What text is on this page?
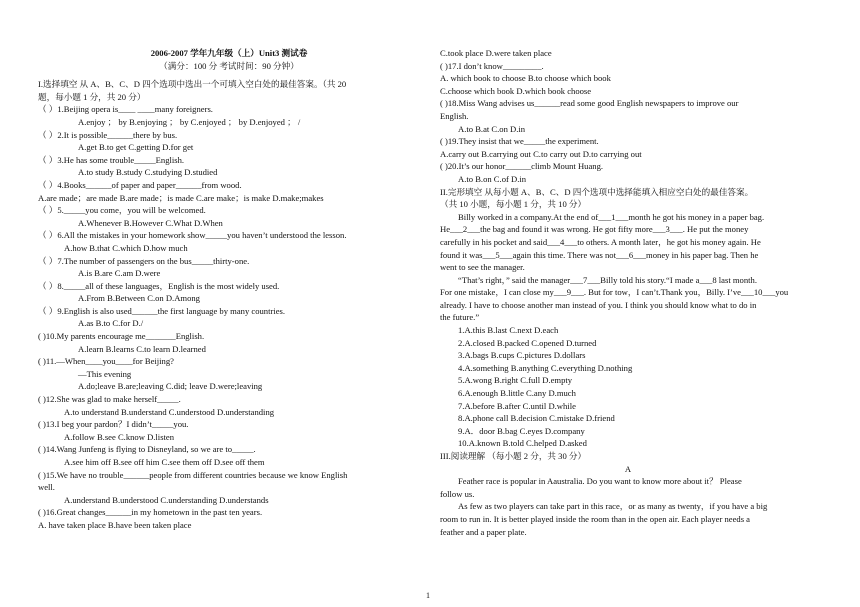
2006-2007 学年九年级（上）Unit3 测试卷
（满分：100 分 考试时间：90 分钟）
I.选择填空 从 A、B、C、D 四个选项中选出一个可填入空白处的最佳答案。（共 20
题，每小题 1 分，共 20 分）
（ ）1.Beijing opera is____ ____many foreigners.
A.enjoy ； by B.enjoying ； by C.enjoyed ； by D.enjoyed ； /
（ ）2.It is possible______there by bus.
A.get B.to get C.getting D.for get
（ ）3.He has some trouble_____English.
A.to study B.study C.studying D.studied
（ ）4.Books______of paper and paper______from wood.
A.are made；are made B.are made；is made C.are make；is make D.make;makes
（ ）5._____you come，you will be welcomed.
A.Whenever B.However C.What D.When
（ ）6.All the mistakes in your homework show_____you haven’t understood the lesson.
A.how B.that C.which D.how much
（ ）7.The number of passengers on the bus_____thirty-one.
A.is B.are C.am D.were
（ ）8._____all of these languages，English is the most widely used.
A.From B.Between C.on D.Among
（ ）9.English is also used______the first language by many countries.
A.as B.to C.for D./
( )10.My parents encourage me_______English.
A.learn B.learns C.to learn D.learned
( )11.—When____you____for Beijing?
—This evening
A.do;leave B.are;leaving C.did; leave D.were;leaving
( )12.She was glad to make herself_____.
A.to understand B.understand C.understood D.understanding
( )13.I beg your pardon？I didn’t_____you.
A.follow B.see C.know D.listen
( )14.Wang Junfeng is flying to Disneyland, so we are to_____.
A.see him off B.see off him C.see them off D.see off them
( )15.We have no trouble______people from different countries because we know English
well.
A.understand B.understood C.understanding D.understands
( )16.Great changes______in my hometown in the past ten years.
A. have taken place B.have been taken place
C.took place D.were taken place
( )17.I don’t know_________.
A. which book to choose B.to choose which book
C.choose which book D.which book choose
( )18.Miss Wang advises us______read some good English newspapers to improve our
English.
A.to B.at C.on D.in
( )19.They insist that we_____the experiment.
A.carry out B.carrying out C.to carry out D.to carrying out
( )20.It’s our honor______climb Mount Huang.
A.to B.on C.of D.in
II.完形填空 从每小题 A、B、C、D 四个选项中选择能填入相应空白处的最佳答案。
（共 10 小题，每小题 1 分，共 10 分）
Billy worked in a company.At the end of___1___month he got his money in a paper bag.
He___2___the bag and found it was wrong. He got fifty more___3___. He put the money
carefully in his pocket and said___4___to others. A month later，he got his money again. He
found it was___5___again this time. There was not___6___money in his paper bag. Then he
went to see the manager.
“That’s right，” said the manager___7___Billy told his story.“I made a___8 last month.
For one mistake，I can close my___9___. But for tow，I can’t.Thank you，Billy. I’ve___10___you
already. I have to choose another man instead of you. I think you should know what to do in
the future.”
1.A.this B.last C.next D.each
2.A.closed B.packed C.opened D.turned
3.A.bags B.cups C.pictures D.dollars
4.A.something B.anything C.everything D.nothing
5.A.wong B.right C.full D.empty
6.A.enough B.little C.any D.much
7.A.before B.after C.until D.while
8.A.phone call B.decision C.mistake D.friend
9.A．door B.bag C.eyes D.company
10.A.known B.told C.helped D.asked
III.阅读理解 （每小题 2 分，共 30 分）
A
Feather race is popular in Aaustralia. Do you want to know more about it？ Please
follow us.
As few as two players can take part in this race，or as many as twenty，if you have a big
room to run in. It is better played inside the room than in the open air. Each player needs a
feather and a paper plate.
1
